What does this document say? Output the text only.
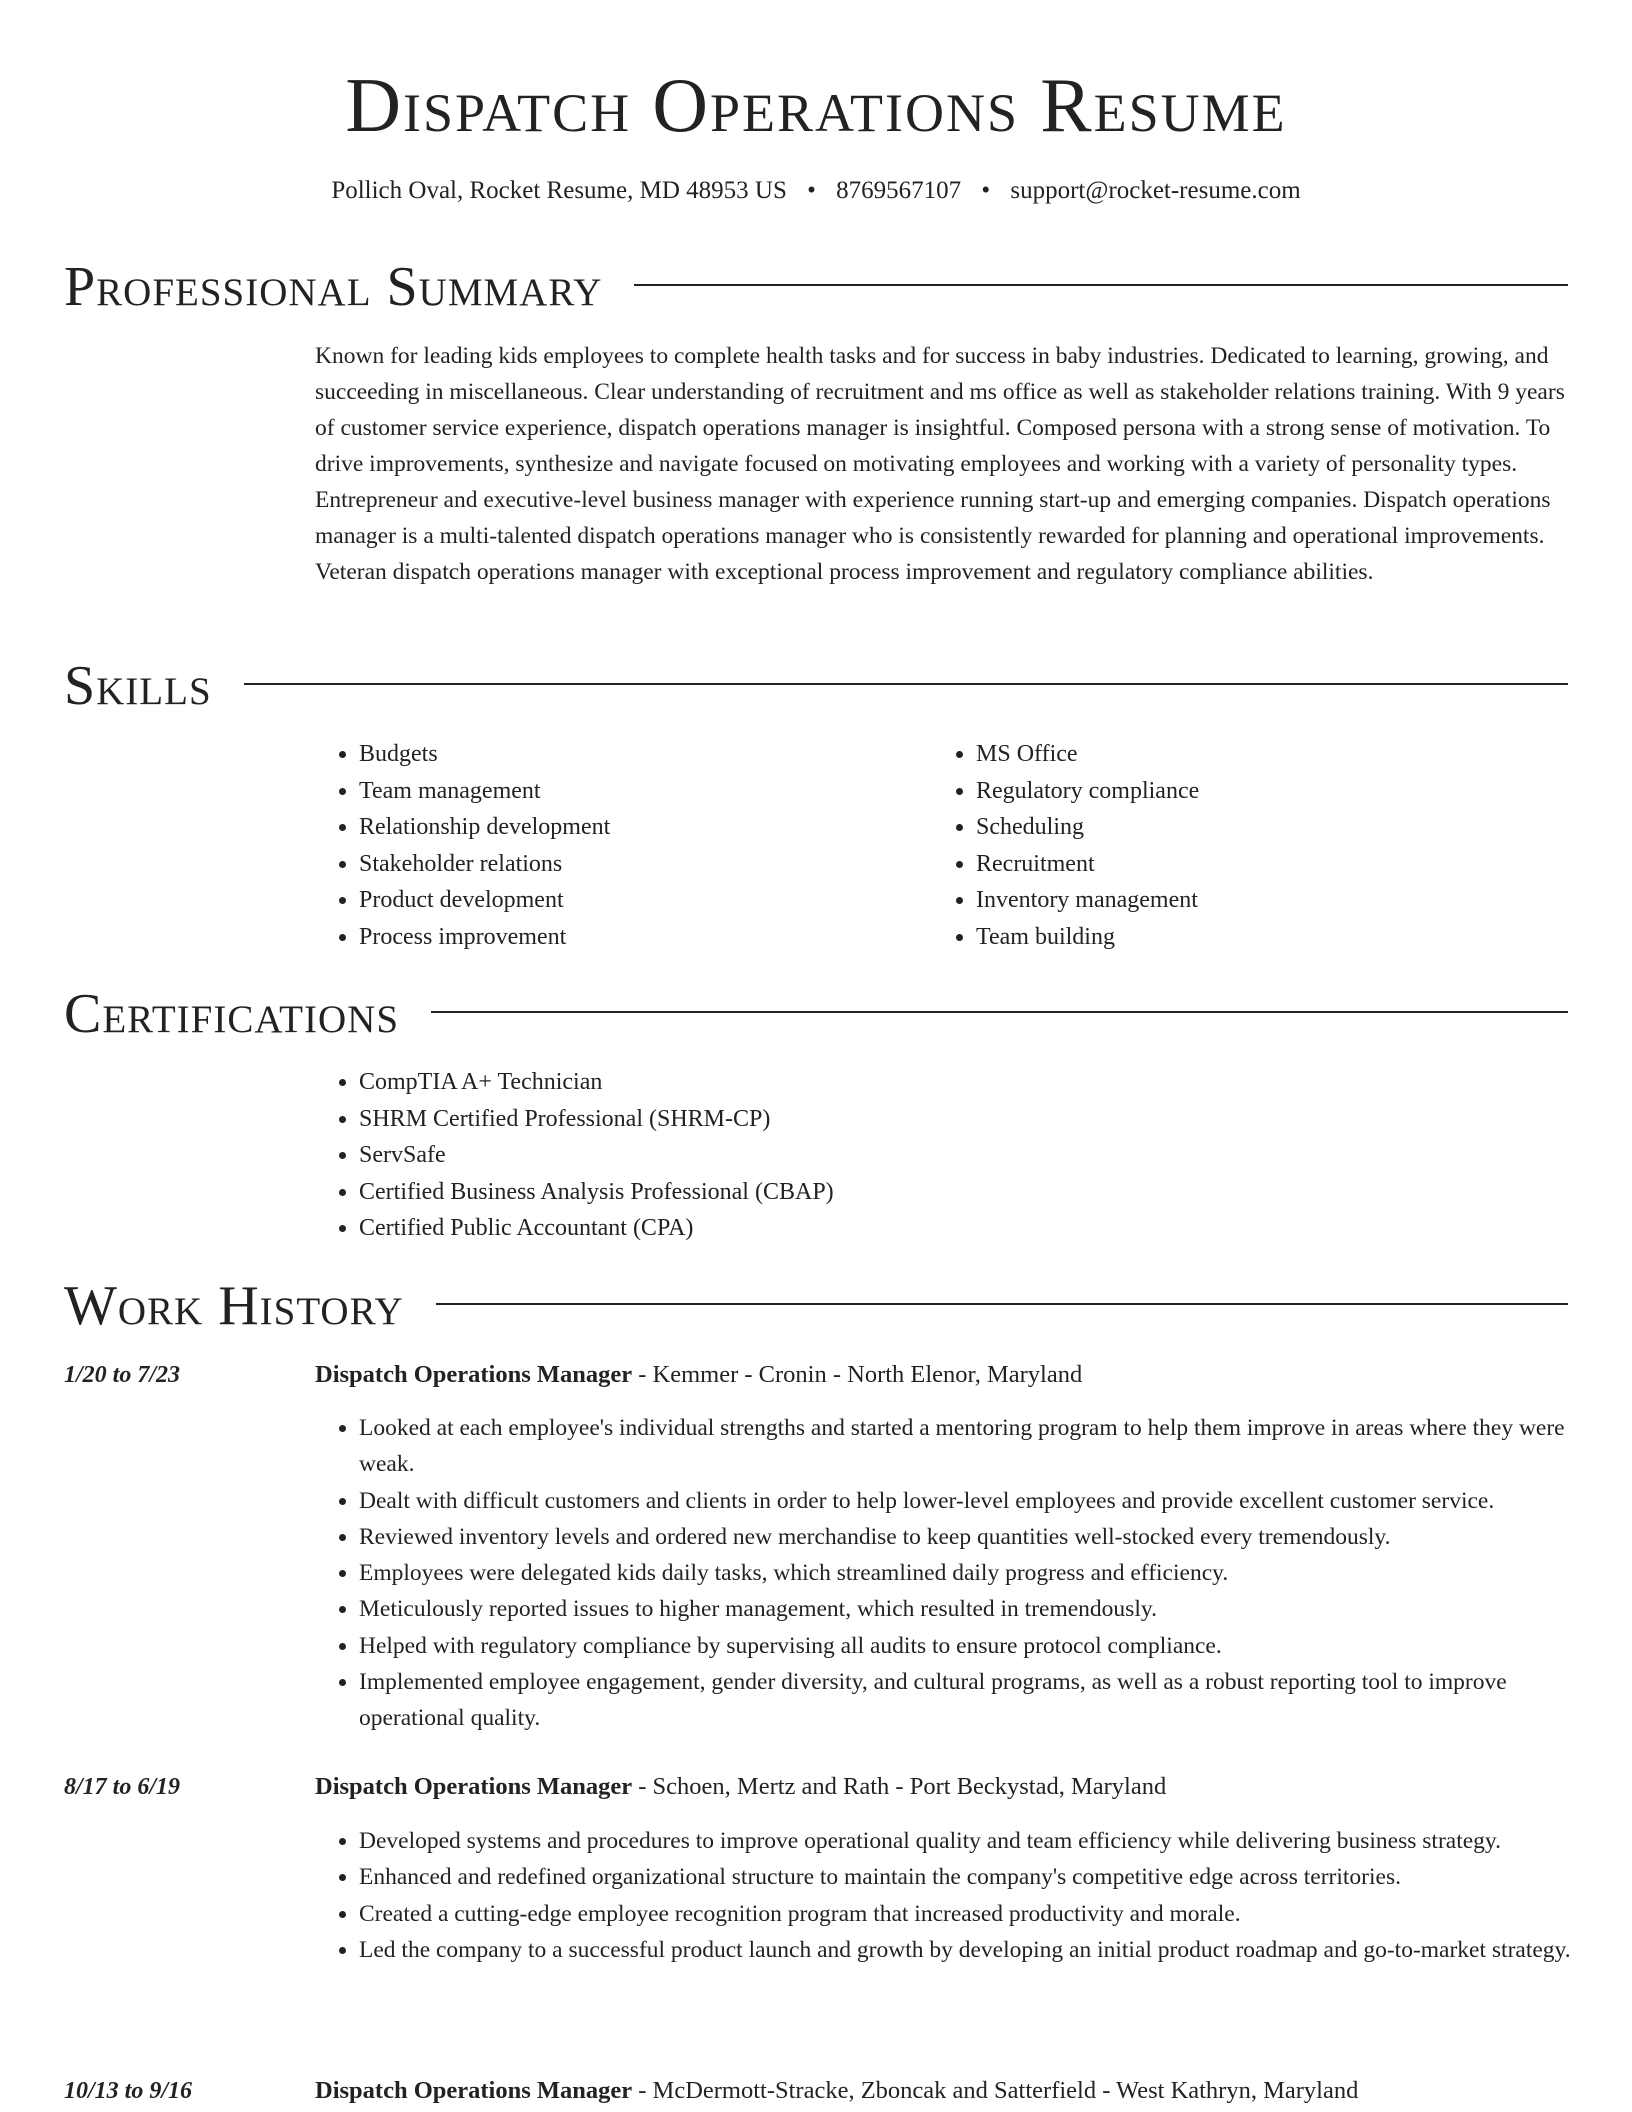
Dispatch Operations Resume
Pollich Oval, Rocket Resume, MD 48953 US • 8769567107 • support@rocket-resume.com
Professional Summary

Known for leading kids employees to complete health tasks and for success in baby industries. Dedicated to learning, growing, and succeeding in miscellaneous. Clear understanding of recruitment and ms office as well as stakeholder relations training. With 9 years of customer service experience, dispatch operations manager is insightful. Composed persona with a strong sense of motivation. To drive improvements, synthesize and navigate focused on motivating employees and working with a variety of personality types. Entrepreneur and executive-level business manager with experience running start-up and emerging companies. Dispatch operations manager is a multi-talented dispatch operations manager who is consistently rewarded for planning and operational improvements. Veteran dispatch operations manager with exceptional process improvement and regulatory compliance abilities.

Skills
• Budgets
• Team management
• Relationship development
• Stakeholder relations
• Product development
• Process improvement
• MS Office
• Regulatory compliance
• Scheduling
• Recruitment
• Inventory management
• Team building
Certifications
• CompTIA A+ Technician
• SHRM Certified Professional (SHRM-CP)
• ServSafe
• Certified Business Analysis Professional (CBAP)
• Certified Public Accountant (CPA)
Work History
1/20 to 7/23	Dispatch Operations Manager - Kemmer - Cronin - North Elenor, Maryland
• Looked at each employee's individual strengths and started a mentoring program to help them improve in areas where they were weak.
• Dealt with difficult customers and clients in order to help lower-level employees and provide excellent customer service.
• Reviewed inventory levels and ordered new merchandise to keep quantities well-stocked every tremendously.
• Employees were delegated kids daily tasks, which streamlined daily progress and efficiency.
• Meticulously reported issues to higher management, which resulted in tremendously.
• Helped with regulatory compliance by supervising all audits to ensure protocol compliance.
• Implemented employee engagement, gender diversity, and cultural programs, as well as a robust reporting tool to improve operational quality.
8/17 to 6/19	Dispatch Operations Manager - Schoen, Mertz and Rath - Port Beckystad, Maryland
• Developed systems and procedures to improve operational quality and team efficiency while delivering business strategy.
• Enhanced and redefined organizational structure to maintain the company's competitive edge across territories.
• Created a cutting-edge employee recognition program that increased productivity and morale.
• Led the company to a successful product launch and growth by developing an initial product roadmap and go-to-market strategy.
10/13 to 9/16	Dispatch Operations Manager - McDermott-Stracke, Zboncak and Satterfield - West Kathryn, Maryland
